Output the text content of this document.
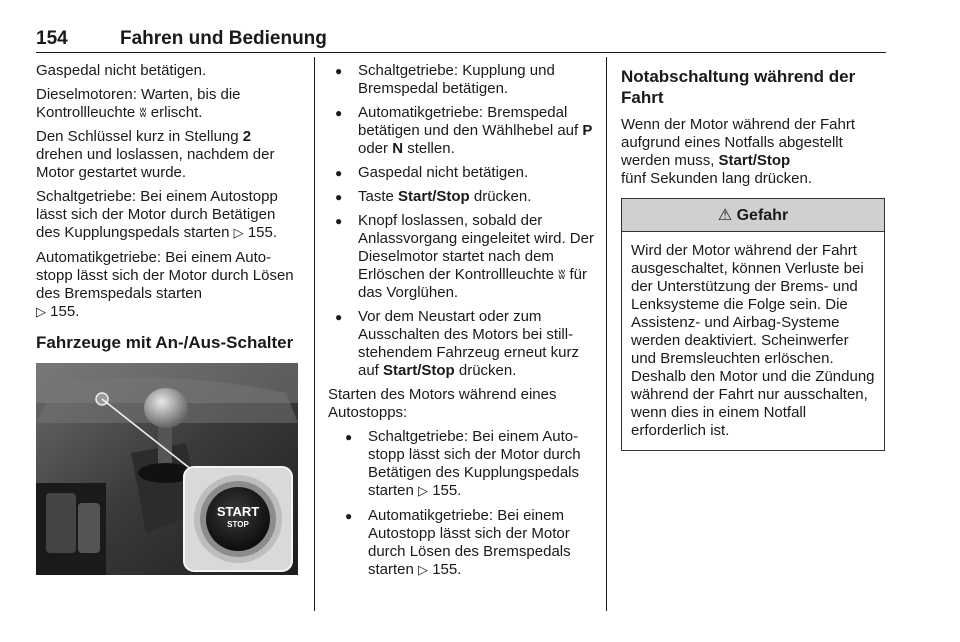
154	Fahren und Bedienung

Gaspedal nicht betätigen.

Dieselmotoren: Warten, bis die Kontrollleuchte ʬ erlischt.

Den Schlüssel kurz in Stellung 2 drehen und loslassen, nachdem der Motor gestartet wurde.

Schaltgetriebe: Bei einem Autostopp lässt sich der Motor durch Betätigen des Kupplungspedals starten ▷ 155.

Automatikgetriebe: Bei einem Autostopp lässt sich der Motor durch Lösen des Bremspedals starten
▷ 155.

Fahrzeuge mit An-/Aus-Schalter
START
STOP
● Schaltgetriebe: Kupplung und Bremspedal betätigen.
● Automatikgetriebe: Bremspedal betätigen und den Wählhebel auf P oder N stellen.
● Gaspedal nicht betätigen.
● Taste Start/Stop drücken.
● Knopf loslassen, sobald der Anlassvorgang eingeleitet wird. Der Dieselmotor startet nach dem Erlöschen der Kontrollleuchte ʬ für das Vorglühen.
● Vor dem Neustart oder zum Ausschalten des Motors bei stillstehendem Fahrzeug erneut kurz auf Start/Stop drücken.

Starten des Motors während eines Autostopps:

● Schaltgetriebe: Bei einem Autostopp lässt sich der Motor durch Betätigen des Kupplungspedals starten ▷ 155.
● Automatikgetriebe: Bei einem Autostopp lässt sich der Motor durch Lösen des Bremspedals starten ▷ 155.
Notabschaltung während der Fahrt

Wenn der Motor während der Fahrt aufgrund eines Notfalls abgestellt werden muss, Start/Stop
fünf Sekunden lang drücken.

⚠ Gefahr
Wird der Motor während der Fahrt ausgeschaltet, können Verluste bei der Unterstützung der Brems- und Lenksysteme die Folge sein. Die Assistenz- und Airbag-Systeme werden deaktiviert. Scheinwerfer und Bremsleuchten erlöschen. Deshalb den Motor und die Zündung während der Fahrt nur ausschalten, wenn dies in einem Notfall erforderlich ist.
